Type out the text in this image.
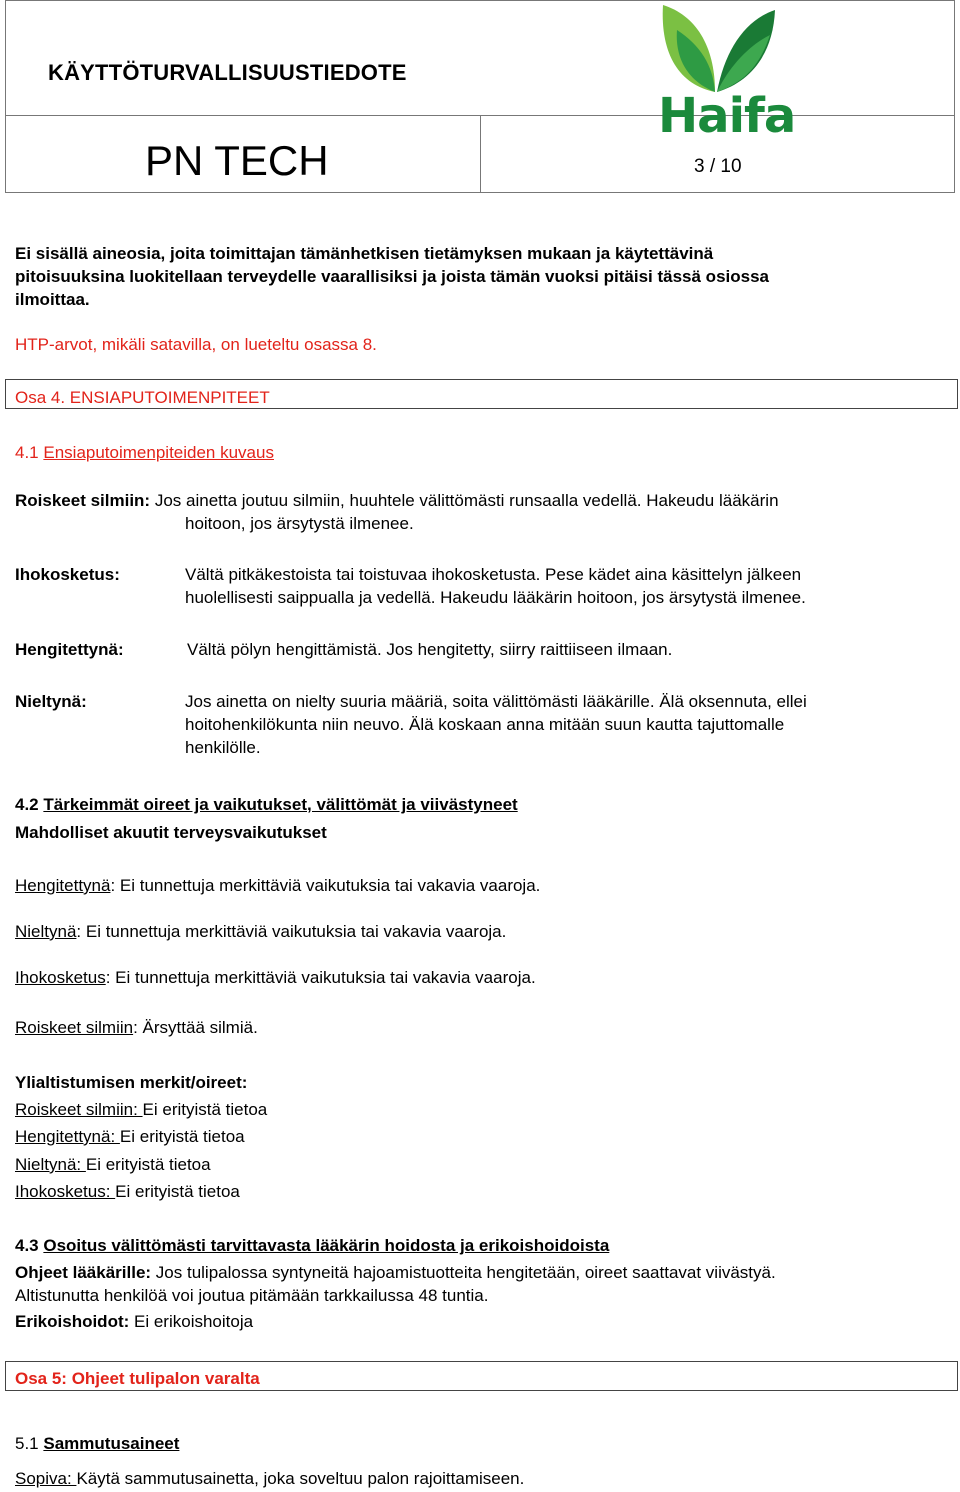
KÄYTTÖTURVALLISUUSTIEDOTE
PN TECH	3 / 10
Haifa
Ei sisällä aineosia, joita toimittajan tämänhetkisen tietämyksen mukaan ja käytettävinä
pitoisuuksina luokitellaan terveydelle vaarallisiksi ja joista tämän vuoksi pitäisi tässä osiossa
ilmoittaa.
HTP-arvot, mikäli satavilla, on lueteltu osassa 8.
Osa 4. ENSIAPUTOIMENPITEET
4.1 Ensiaputoimenpiteiden kuvaus
Roiskeet silmiin: Jos ainetta joutuu silmiin, huuhtele välittömästi runsaalla vedellä. Hakeudu lääkärin
hoitoon, jos ärsytystä ilmenee.
Ihokosketus:	Vältä pitkäkestoista tai toistuvaa ihokosketusta. Pese kädet aina käsittelyn jälkeen
huolellisesti saippualla ja vedellä. Hakeudu lääkärin hoitoon, jos ärsytystä ilmenee.
Hengitettynä:	Vältä pölyn hengittämistä. Jos hengitetty, siirry raittiiseen ilmaan.
Nieltynä:	Jos ainetta on nielty suuria määriä, soita välittömästi lääkärille. Älä oksennuta, ellei
hoitohenkilökunta niin neuvo. Älä koskaan anna mitään suun kautta tajuttomalle
henkilölle.
4.2 Tärkeimmät oireet ja vaikutukset, välittömät ja viivästyneet
Mahdolliset akuutit terveysvaikutukset
Hengitettynä: Ei tunnettuja merkittäviä vaikutuksia tai vakavia vaaroja.
Nieltynä: Ei tunnettuja merkittäviä vaikutuksia tai vakavia vaaroja.
Ihokosketus: Ei tunnettuja merkittäviä vaikutuksia tai vakavia vaaroja.
Roiskeet silmiin: Ärsyttää silmiä.
Ylialtistumisen merkit/oireet:
Roiskeet silmiin: Ei erityistä tietoa
Hengitettynä: Ei erityistä tietoa
Nieltynä: Ei erityistä tietoa
Ihokosketus: Ei erityistä tietoa
4.3 Osoitus välittömästi tarvittavasta lääkärin hoidosta ja erikoishoidoista
Ohjeet lääkärille: Jos tulipalossa syntyneitä hajoamistuotteita hengitetään, oireet saattavat viivästyä.
Altistunutta henkilöä voi joutua pitämään tarkkailussa 48 tuntia.
Erikoishoidot: Ei erikoishoitoja
Osa 5: Ohjeet tulipalon varalta
5.1 Sammutusaineet
Sopiva: Käytä sammutusainetta, joka soveltuu palon rajoittamiseen.
